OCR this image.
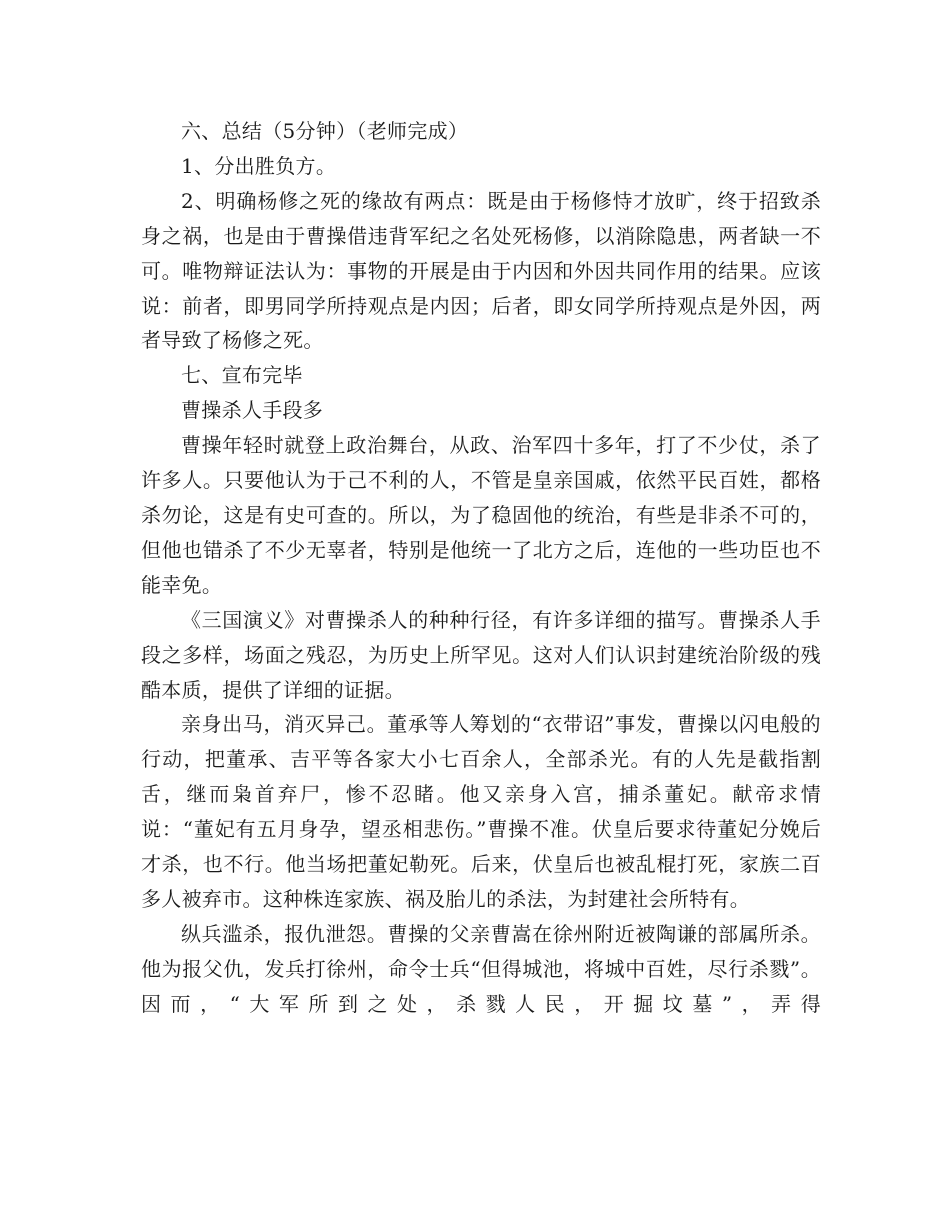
六、总结（5分钟）（老师完成）

1、分出胜负方。

2、明确杨修之死的缘故有两点：既是由于杨修恃才放旷，终于招致杀身之祸，也是由于曹操借违背军纪之名处死杨修，以消除隐患，两者缺一不可。唯物辩证法认为：事物的开展是由于内因和外因共同作用的结果。应该说：前者，即男同学所持观点是内因；后者，即女同学所持观点是外因，两者导致了杨修之死。

七、宣布完毕

曹操杀人手段多

曹操年轻时就登上政治舞台，从政、治军四十多年，打了不少仗，杀了许多人。只要他认为于己不利的人，不管是皇亲国戚，依然平民百姓，都格杀勿论，这是有史可查的。所以，为了稳固他的统治，有些是非杀不可的，但他也错杀了不少无辜者，特别是他统一了北方之后，连他的一些功臣也不能幸免。

《三国演义》对曹操杀人的种种行径，有许多详细的描写。曹操杀人手段之多样，场面之残忍，为历史上所罕见。这对人们认识封建统治阶级的残酷本质，提供了详细的证据。

亲身出马，消灭异己。董承等人筹划的“衣带诏”事发，曹操以闪电般的行动，把董承、吉平等各家大小七百余人，全部杀光。有的人先是截指割舌，继而枭首弃尸，惨不忍睹。他又亲身入宫，捕杀董妃。献帝求情说：“董妃有五月身孕，望丞相悲伤。”曹操不准。伏皇后要求待董妃分娩后才杀，也不行。他当场把董妃勒死。后来，伏皇后也被乱棍打死，家族二百多人被弃市。这种株连家族、祸及胎儿的杀法，为封建社会所特有。

纵兵滥杀，报仇泄怨。曹操的父亲曹嵩在徐州附近被陶谦的部属所杀。他为报父仇，发兵打徐州，命令士兵“但得城池，将城中百姓，尽行杀戮”。因而，“大军所到之处，杀戮人民，开掘坟墓”，弄得
